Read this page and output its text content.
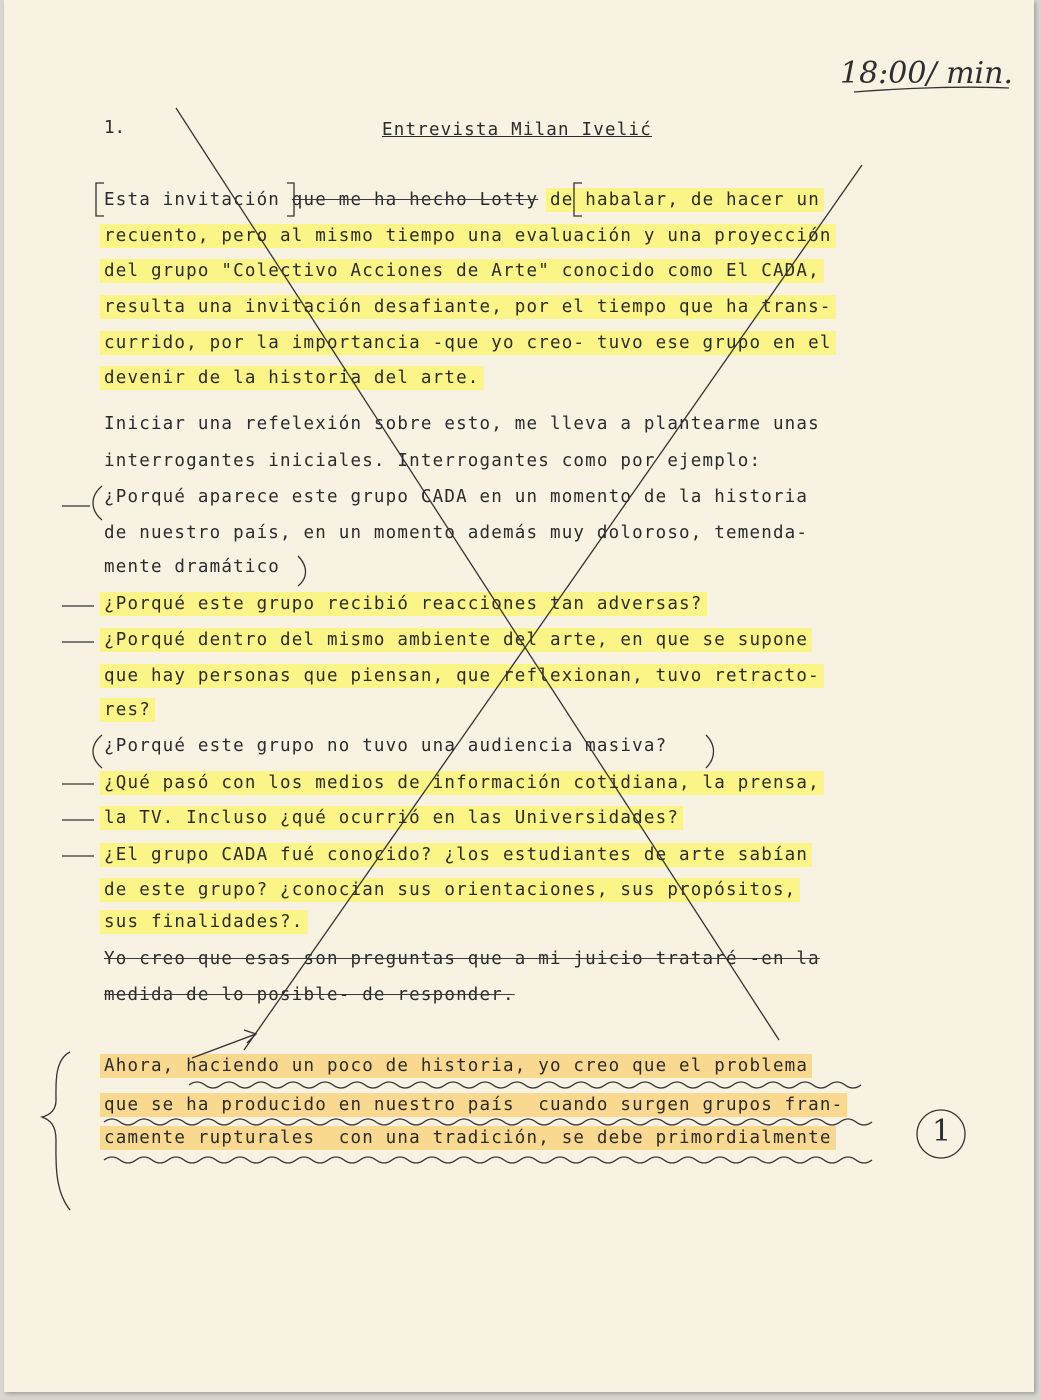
1.	Entrevista Milan Ivelić
18:00/ min.
Esta invitación que me ha hecho Lotty de habalar, de hacer un
recuento, pero al mismo tiempo una evaluación y una proyección
del grupo "Colectivo Acciones de Arte" conocido como El CADA,
resulta una invitación desafiante, por el tiempo que ha trans-
currido, por la importancia -que yo creo- tuvo ese grupo en el
devenir de la historia del arte.
Iniciar una refelexión sobre esto, me lleva a plantearme unas
interrogantes iniciales. Interrogantes como por ejemplo:
¿Porqué aparece este grupo CADA en un momento de la historia
de nuestro país, en un momento además muy doloroso, temenda-
mente dramático
¿Porqué este grupo recibió reacciones tan adversas?
¿Porqué dentro del mismo ambiente del arte, en que se supone
que hay personas que piensan, que reflexionan, tuvo retracto-
res?
¿Porqué este grupo no tuvo una audiencia masiva?
¿Qué pasó con los medios de información cotidiana, la prensa,
la TV. Incluso ¿qué ocurrió en las Universidades?
¿El grupo CADA fué conocido? ¿los estudiantes de arte sabían
de este grupo? ¿conocian sus orientaciones, sus propósitos,
sus finalidades?.
Yo creo que esas son preguntas que a mi juicio trataré -en la
medida de lo posible- de responder.
Ahora, haciendo un poco de historia, yo creo que el problema
que se ha producido en nuestro país  cuando surgen grupos fran-
camente rupturales  con una tradición, se debe primordialmente	1
